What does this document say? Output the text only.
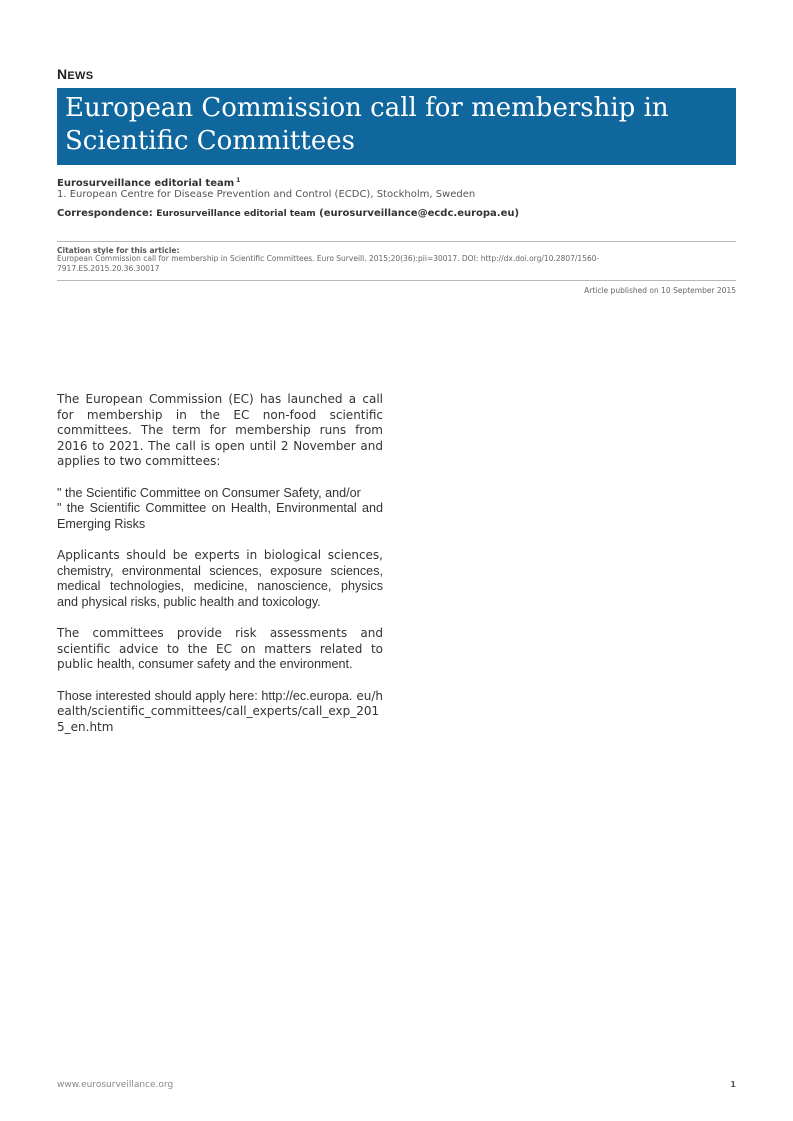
NEWS
European Commission call for membership in Scientific Committees
Eurosurveillance editorial team $^1$
1. European Centre for Disease Prevention and Control (ECDC), Stockholm, Sweden
Correspondence: Eurosurveillance editorial team (eurosurveillance@ecdc.europa.eu)
Citation style for this article:
European Commission call for membership in Scientific Committees. Euro Surveill. 2015;20(36):pii=30017. DOI: http://dx.doi.org/10.2807/1560-7917.ES.2015.20.36.30017
Article published on 10 September 2015

The European Commission (EC) has launched a call for membership in the EC non-food scientific committees. The term for membership runs from 2016 to 2021. The call is open until 2 November and applies to two committees:

" the Scientific Committee on Consumer Safety, and/or

" the Scientific Committee on Health, Environmental and Emerging Risks

Applicants should be experts in biological sciences, chemistry, environmental sciences, exposure sciences, medical technologies, medicine, nanoscience, physics and physical risks, public health and toxicology.

The committees provide risk assessments and scientific advice to the EC on matters related to public health, consumer safety and the environment.

Those interested should apply here: http://ec.europa. eu/health/scientific_committees/call_experts/call_exp_2015_en.htm

www.eurosurveillance.org	1
